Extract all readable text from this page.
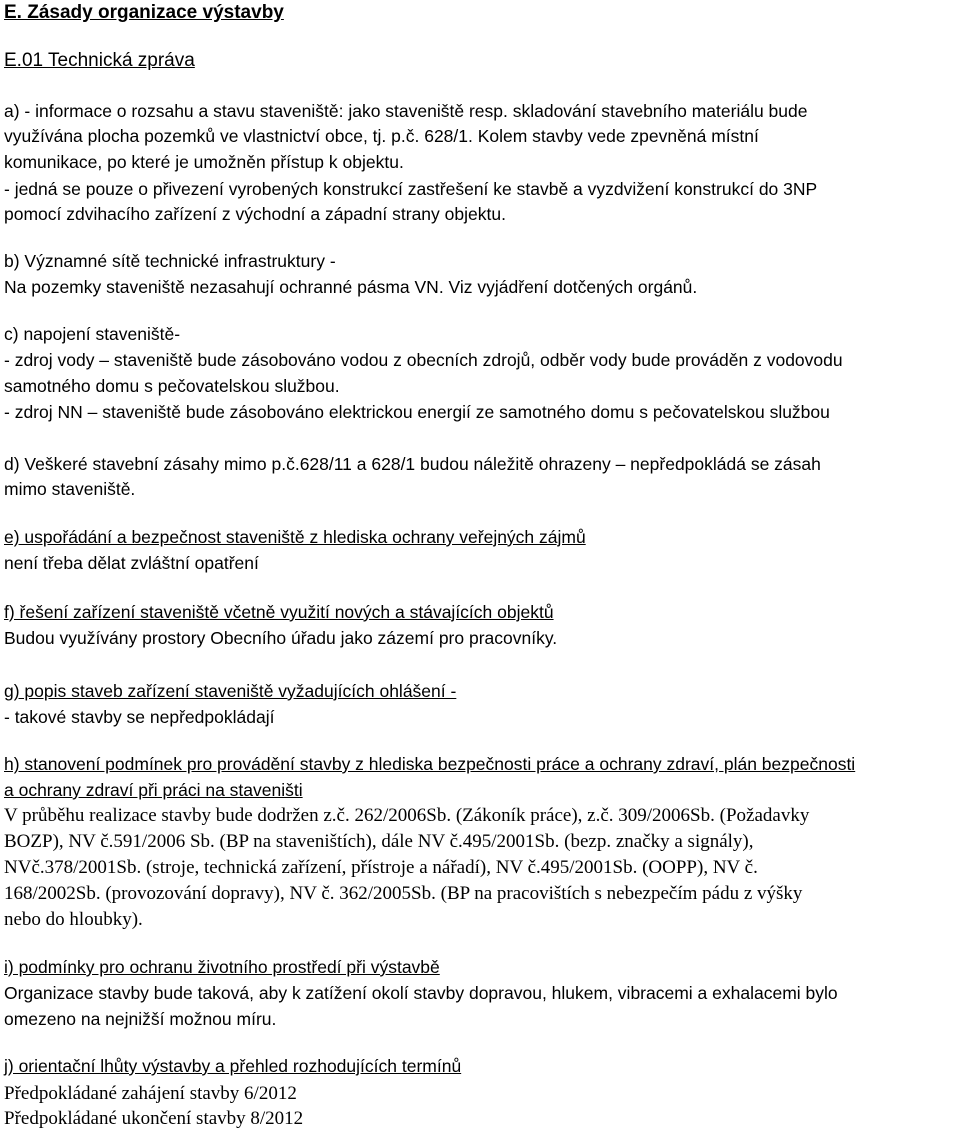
E. Zásady organizace výstavby
E.01 Technická zpráva
a) - informace o rozsahu a stavu staveniště: jako staveniště resp. skladování stavebního materiálu bude
využívána plocha pozemků ve vlastnictví obce, tj. p.č. 628/1. Kolem stavby vede zpevněná místní
komunikace, po které je umožněn přístup k objektu.
- jedná se pouze o přivezení vyrobených konstrukcí zastřešení ke stavbě a vyzdvižení konstrukcí do 3NP
pomocí zdvihacího zařízení z východní a západní strany objektu.
b) Významné sítě technické infrastruktury -
Na pozemky staveniště nezasahují ochranné pásma VN. Viz vyjádření dotčených orgánů.
c) napojení staveniště-
- zdroj vody – staveniště bude zásobováno vodou z obecních zdrojů, odběr vody bude prováděn z vodovodu
samotného domu s pečovatelskou službou.
- zdroj NN – staveniště bude zásobováno elektrickou energií ze samotného domu s pečovatelskou službou
d) Veškeré stavební zásahy mimo p.č.628/11 a 628/1 budou náležitě ohrazeny – nepředpokládá se zásah
mimo staveniště.
e) uspořádání a bezpečnost staveniště z hlediska ochrany veřejných zájmů
není třeba dělat zvláštní opatření
f) řešení zařízení staveniště včetně využití nových a stávajících objektů
Budou využívány prostory Obecního úřadu jako zázemí pro pracovníky.
g) popis staveb zařízení staveniště vyžadujících ohlášení -
- takové stavby se nepředpokládají
h) stanovení podmínek pro provádění stavby z hlediska bezpečnosti práce a ochrany zdraví, plán bezpečnosti
a ochrany zdraví při práci na staveništi
V průběhu realizace stavby bude dodržen z.č. 262/2006Sb. (Zákoník práce), z.č. 309/2006Sb. (Požadavky
BOZP), NV č.591/2006 Sb. (BP na staveništích), dále NV č.495/2001Sb. (bezp. značky a signály),
NVč.378/2001Sb. (stroje, technická zařízení, přístroje a nářadí), NV č.495/2001Sb. (OOPP), NV č.
168/2002Sb. (provozování dopravy), NV č. 362/2005Sb. (BP na pracovištích s nebezpečím pádu z výšky
nebo do hloubky).
i) podmínky pro ochranu životního prostředí při výstavbě
Organizace stavby bude taková, aby k zatížení okolí stavby dopravou, hlukem, vibracemi a exhalacemi bylo
omezeno na nejnižší možnou míru.
j) orientační lhůty výstavby a přehled rozhodujících termínů
Předpokládané zahájení stavby 6/2012
Předpokládané ukončení stavby 8/2012
